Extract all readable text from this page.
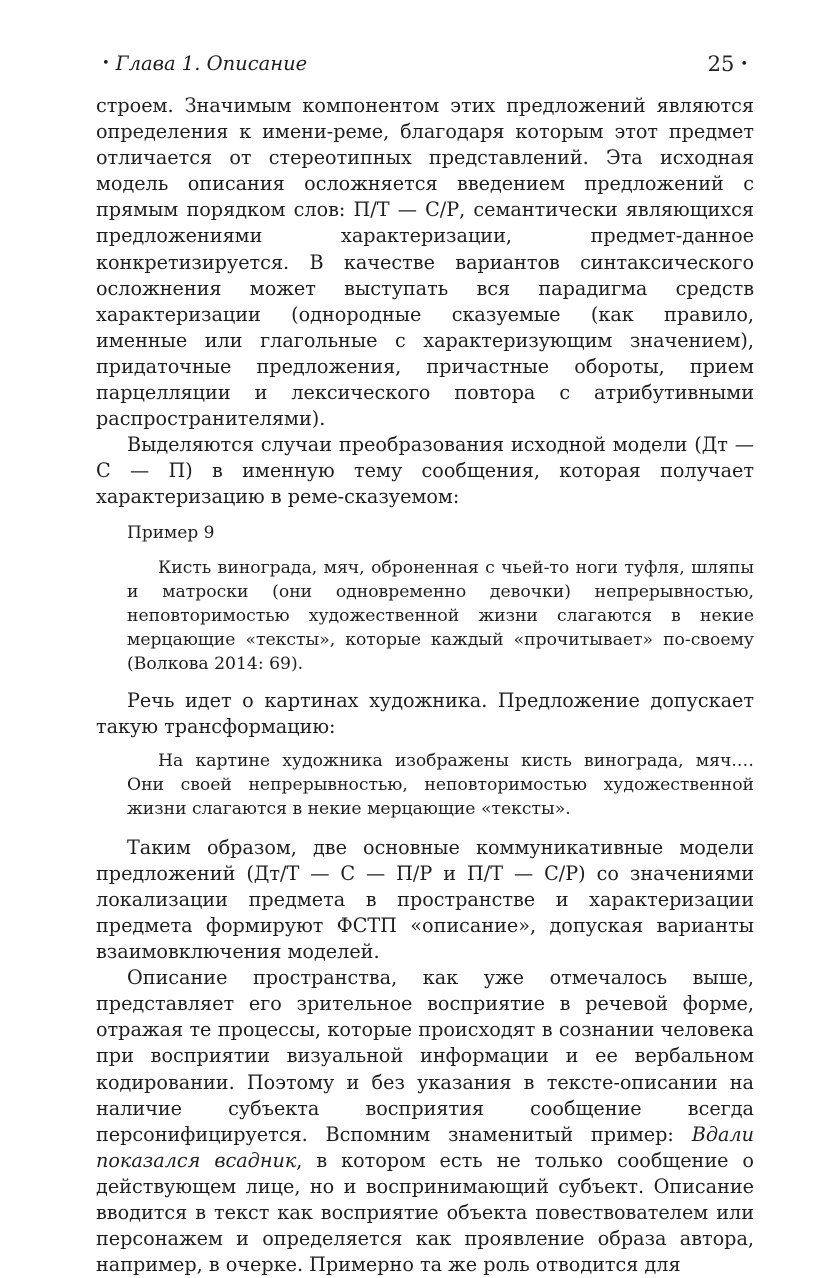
• Глава 1. Описание	25 •

строем. Значимым компонентом этих предложений являются определения к имени-реме, благодаря которым этот предмет отличается от стереотипных представлений. Эта исходная модель описания осложняется введением предложений с прямым порядком слов: П/Т — С/Р, семантически являющихся предложениями характеризации, предмет-данное конкретизируется. В качестве вариантов синтаксического осложнения может выступать вся парадигма средств характеризации (однородные сказуемые (как правило, именные или глагольные с характеризующим значением), придаточные предложения, причастные обороты, прием парцелляции и лексического повтора с атрибутивными распространителями).

Выделяются случаи преобразования исходной модели (Дт — С — П) в именную тему сообщения, которая получает характеризацию в реме-сказуемом:

Пример 9

Кисть винограда, мяч, оброненная с чьей-то ноги туфля, шляпы и матроски (они одновременно девочки) непрерывностью, неповторимостью художественной жизни слагаются в некие мерцающие «тексты», которые каждый «прочитывает» по-своему (Волкова 2014: 69).

Речь идет о картинах художника. Предложение допускает такую трансформацию:

На картине художника изображены кисть винограда, мяч.… Они своей непрерывностью, неповторимостью художественной жизни слагаются в некие мерцающие «тексты».

Таким образом, две основные коммуникативные модели предложений (Дт/Т — С — П/Р и П/Т — С/Р) со значениями локализации предмета в пространстве и характеризации предмета формируют ФСТП «описание», допуская варианты взаимовключения моделей.

Описание пространства, как уже отмечалось выше, представляет его зрительное восприятие в речевой форме, отражая те процессы, которые происходят в сознании человека при восприятии визуальной информации и ее вербальном кодировании. Поэтому и без указания в тексте-описании на наличие субъекта восприятия сообщение всегда персонифицируется. Вспомним знаменитый пример: Вдали показался всадник, в котором есть не только сообщение о действующем лице, но и воспринимающий субъект. Описание вводится в текст как восприятие объекта повествователем или персонажем и определяется как проявление образа автора, например, в очерке. Примерно та же роль отводится для
